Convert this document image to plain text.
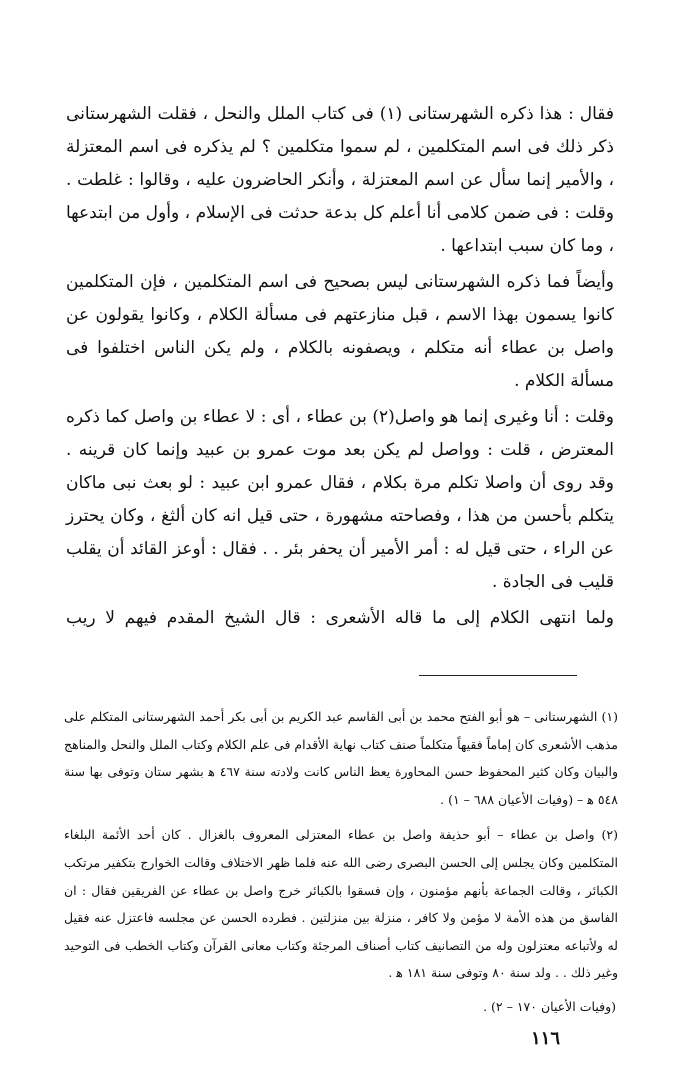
فقال : هذا ذكره الشهرستانى (١) فى كتاب الملل والنحل ، فقلت الشهرستانى ذكر ذلك فى اسم المتكلمين ، لم سموا متكلمين ؟ لم يذكره فى اسم المعتزلة ، والأمير إنما سأل عن اسم المعتزلة ، وأنكر الحاضرون عليه ، وقالوا : غلطت . وقلت : فى ضمن كلامى أنا أعلم كل بدعة حدثت فى الإسلام ، وأول من ابتدعها ، وما كان سبب ابتداعها .

وأيضاً فما ذكره الشهرستانى ليس بصحيح فى اسم المتكلمين ، فإن المتكلمين كانوا يسمون بهذا الاسم ، قبل منازعتهم فى مسألة الكلام ، وكانوا يقولون عن واصل بن عطاء أنه متكلم ، ويصفونه بالكلام ، ولم يكن الناس اختلفوا فى مسألة الكلام .

وقلت : أنا وغيرى إنما هو واصل(٢) بن عطاء ، أى : لا عطاء بن واصل كما ذكره المعترض ، قلت : وواصل لم يكن بعد موت عمرو بن عبيد وإنما كان قرينه . وقد روى أن واصلا تكلم مرة بكلام ، فقال عمرو ابن عبيد : لو بعث نبى ماكان يتكلم بأحسن من هذا ، وفصاحته مشهورة ، حتى قيل انه كان ألثغ ، وكان يحترز عن الراء ، حتى قيل له : أمر الأمير أن يحفر بئر . . فقال : أوعز القائد أن يقلب قليب فى الجادة .

ولما انتهى الكلام إلى ما قاله الأشعرى : قال الشيخ المقدم فيهم لا ريب

(١) الشهرستانى – هو أبو الفتح محمد بن أبى القاسم عبد الكريم بن أبى بكر أحمد الشهرستانى المتكلم على مذهب الأشعرى كان إماماً فقيهاً متكلماً صنف كتاب نهاية الأقدام فى علم الكلام وكتاب الملل والنحل والمناهج والبيان وكان كثير المحفوظ حسن المحاورة يعظ الناس كانت ولادته سنة ٤٦٧ ﻫ بشهر ستان وتوفى بها سنة ٥٤٨ ﻫ – (وفيات الأعيان ٦٨٨ – ١) .

(٢) واصل بن عطاء – أبو حذيفة واصل بن عطاء المعتزلى المعروف بالغزال . كان أحد الأئمة البلغاء المتكلمين وكان يجلس إلى الحسن البصرى رضى الله عنه فلما ظهر الاختلاف وقالت الخوارج بتكفير مرتكب الكبائر ، وقالت الجماعة بأنهم مؤمنون ، وإن فسقوا بالكبائر خرج واصل بن عطاء عن الفريقين فقال : ان الفاسق من هذه الأمة لا مؤمن ولا كافر ، منزلة بين منزلتين . فطرده الحسن عن مجلسه فاعتزل عنه فقيل له ولأتباعه معتزلون وله من التصانيف كتاب أصناف المرجئة وكتاب معانى القرآن وكتاب الخطب فى التوحيد وغير ذلك . . ولد سنة ٨٠ وتوفى سنة ١٨١ ﻫ .

(وفيات الأعيان ١٧٠ – ٢) .

١١٦
